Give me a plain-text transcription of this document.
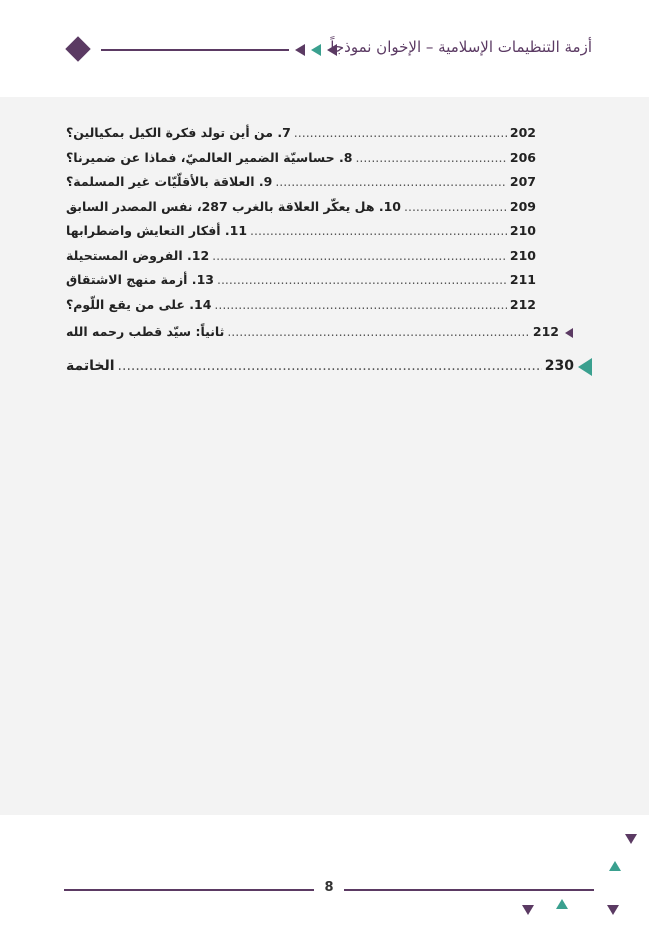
أزمة التنظيمات الإسلامية – الإخوان نموذجاً
7. من أين تولد فكرة الكيل بمكيالين؟ .....	202
8. حساسيّة الضمير العالميّ، فماذا عن ضميرنا؟ .....	206
9. العلاقة بالأقلّيّات غير المسلمة؟ .....	207
10. هل يعكّر العلاقة بالغرب 287، نفس المصدر السابق .....	209
11. أفكار التعايش واضطرابها .....	210
12. الفروض المستحيلة .....	210
13. أزمة منهج الاشتقاق .....	211
14. على من يقع اللّوم؟ .....	212
ثانياً: سيّد قطب رحمه الله .....	212
الخاتمة .....	230
8
